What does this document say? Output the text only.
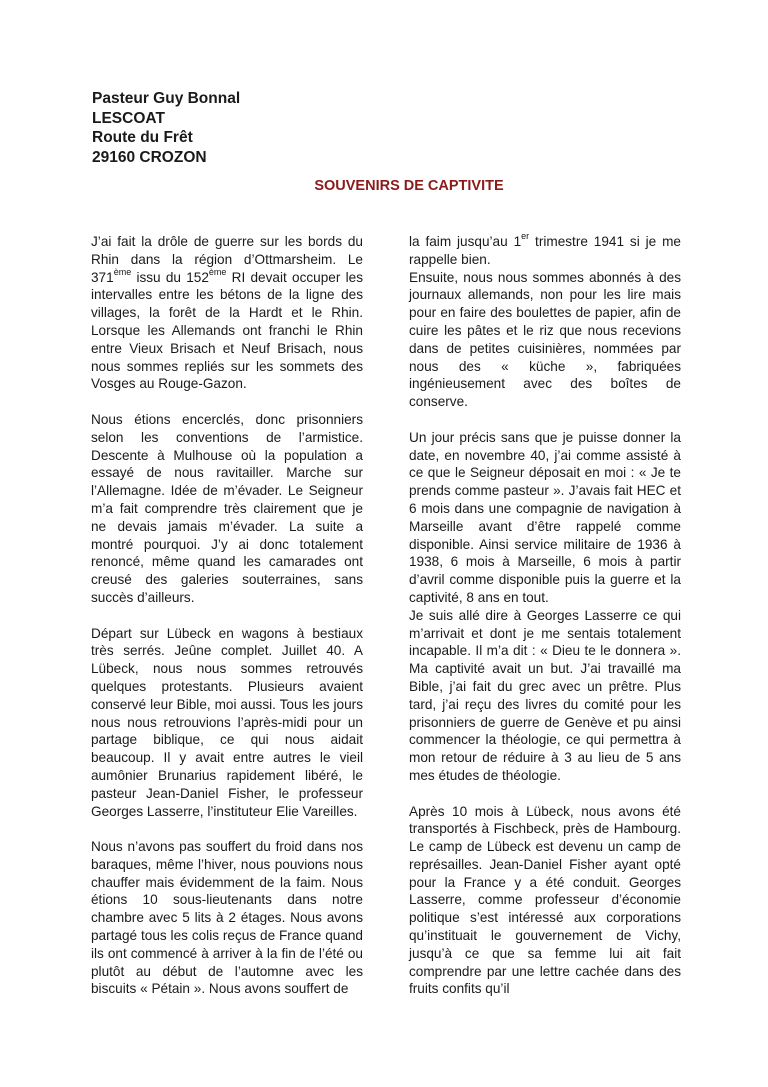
Pasteur Guy Bonnal
LESCOAT
Route du Frêt
29160 CROZON
SOUVENIRS DE CAPTIVITE

J’ai fait la drôle de guerre sur les bords du Rhin dans la région d’Ottmarsheim. Le 371ème issu du 152ème RI devait occuper les intervalles entre les bétons de la ligne des villages, la forêt de la Hardt et le Rhin. Lorsque les Allemands ont franchi le Rhin entre Vieux Brisach et Neuf Brisach, nous nous sommes repliés sur les sommets des Vosges au Rouge-Gazon.

Nous étions encerclés, donc prisonniers selon les conventions de l’armistice. Descente à Mulhouse où la population a essayé de nous ravitailler. Marche sur l’Allemagne. Idée de m’évader. Le Seigneur m’a fait comprendre très clairement que je ne devais jamais m’évader. La suite a montré pourquoi. J’y ai donc totalement renoncé, même quand les camarades ont creusé des galeries souterraines, sans succès d’ailleurs.

Départ sur Lübeck en wagons à bestiaux très serrés. Jeûne complet. Juillet 40. A Lübeck, nous nous sommes retrouvés quelques protestants. Plusieurs avaient conservé leur Bible, moi aussi. Tous les jours nous nous retrouvions l’après-midi pour un partage biblique, ce qui nous aidait beaucoup. Il y avait entre autres le vieil aumônier Brunarius rapidement libéré, le pasteur Jean-Daniel Fisher, le professeur Georges Lasserre, l’instituteur Elie Vareilles.

Nous n’avons pas souffert du froid dans nos baraques, même l’hiver, nous pouvions nous chauffer mais évidemment de la faim. Nous étions 10 sous-lieutenants dans notre chambre avec 5 lits à 2 étages. Nous avons partagé tous les colis reçus de France quand ils ont commencé à arriver à la fin de l’été ou plutôt au début de l’automne avec les biscuits « Pétain ». Nous avons souffert de

la faim jusqu’au 1er trimestre 1941 si je me rappelle bien.

Ensuite, nous nous sommes abonnés à des journaux allemands, non pour les lire mais pour en faire des boulettes de papier, afin de cuire les pâtes et le riz que nous recevions dans de petites cuisinières, nommées par nous des « küche », fabriquées ingénieusement avec des boîtes de conserve.

Un jour précis sans que je puisse donner la date, en novembre 40, j’ai comme assisté à ce que le Seigneur déposait en moi : « Je te prends comme pasteur ». J’avais fait HEC et 6 mois dans une compagnie de navigation à Marseille avant d’être rappelé comme disponible. Ainsi service militaire de 1936 à 1938, 6 mois à Marseille, 6 mois à partir d’avril comme disponible puis la guerre et la captivité, 8 ans en tout.

Je suis allé dire à Georges Lasserre ce qui m’arrivait et dont je me sentais totalement incapable. Il m’a dit : « Dieu te le donnera ». Ma captivité avait un but. J’ai travaillé ma Bible, j’ai fait du grec avec un prêtre. Plus tard, j’ai reçu des livres du comité pour les prisonniers de guerre de Genève et pu ainsi commencer la théologie, ce qui permettra à mon retour de réduire à 3 au lieu de 5 ans mes études de théologie.

Après 10 mois à Lübeck, nous avons été transportés à Fischbeck, près de Hambourg. Le camp de Lübeck est devenu un camp de représailles. Jean-Daniel Fisher ayant opté pour la France y a été conduit. Georges Lasserre, comme professeur d’économie politique s’est intéressé aux corporations qu’instituait le gouvernement de Vichy, jusqu’à ce que sa femme lui ait fait comprendre par une lettre cachée dans des fruits confits qu’il
